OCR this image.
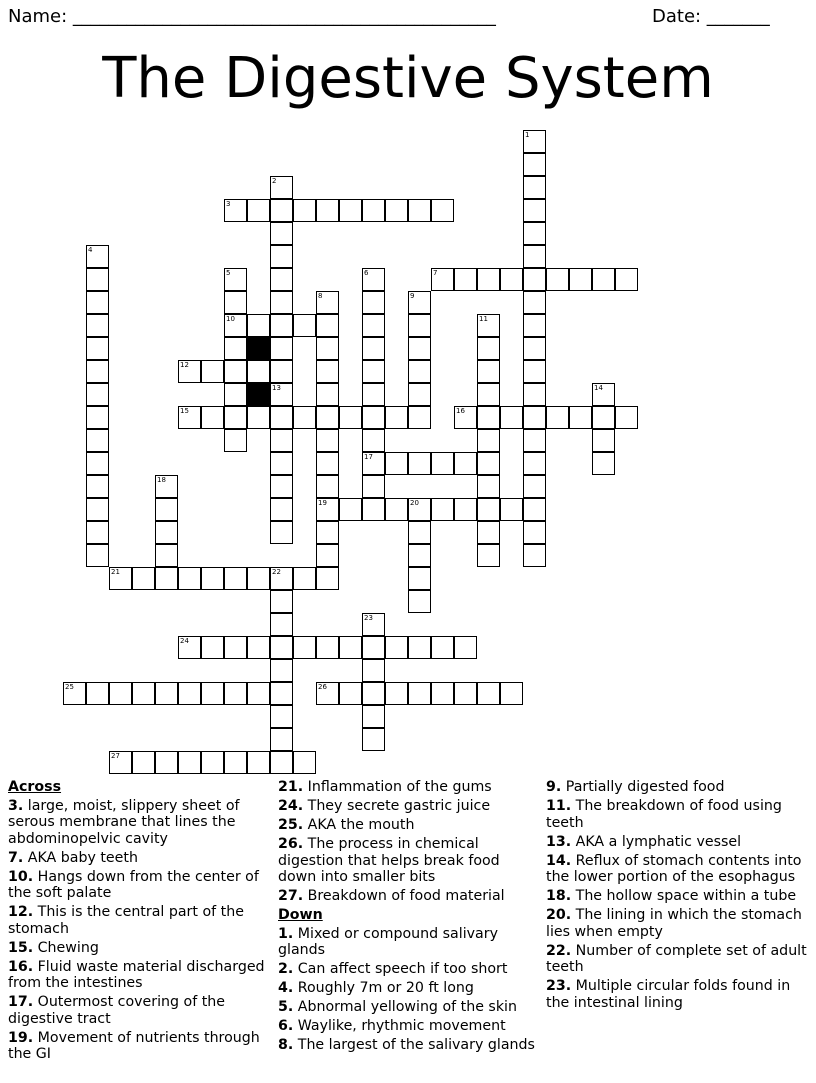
Name: _______________________________________________	Date: _______
The Digestive System
1
2
13
3
4
5
10
6
17
7
8
19
9
11
12
14
15	16
18
20
21	22
23
24
25	26
27
Across
3. large, moist, slippery sheet of serous membrane that lines the abdominopelvic cavity
7. AKA baby teeth
10. Hangs down from the center of the soft palate
12. This is the central part of the stomach
15. Chewing
16. Fluid waste material discharged from the intestines
17. Outermost covering of the digestive tract
19. Movement of nutrients through the GI
21. Inflammation of the gums
24. They secrete gastric juice
25. AKA the mouth
26. The process in chemical digestion that helps break food down into smaller bits
27. Breakdown of food material
Down
1. Mixed or compound salivary glands
2. Can affect speech if too short
4. Roughly 7m or 20 ft long
5. Abnormal yellowing of the skin
6. Waylike, rhythmic movement
8. The largest of the salivary glands
9. Partially digested food
11. The breakdown of food using teeth
13. AKA a lymphatic vessel
14. Reflux of stomach contents into the lower portion of the esophagus
18. The hollow space within a tube
20. The lining in which the stomach lies when empty
22. Number of complete set of adult teeth
23. Multiple circular folds found in the intestinal lining
